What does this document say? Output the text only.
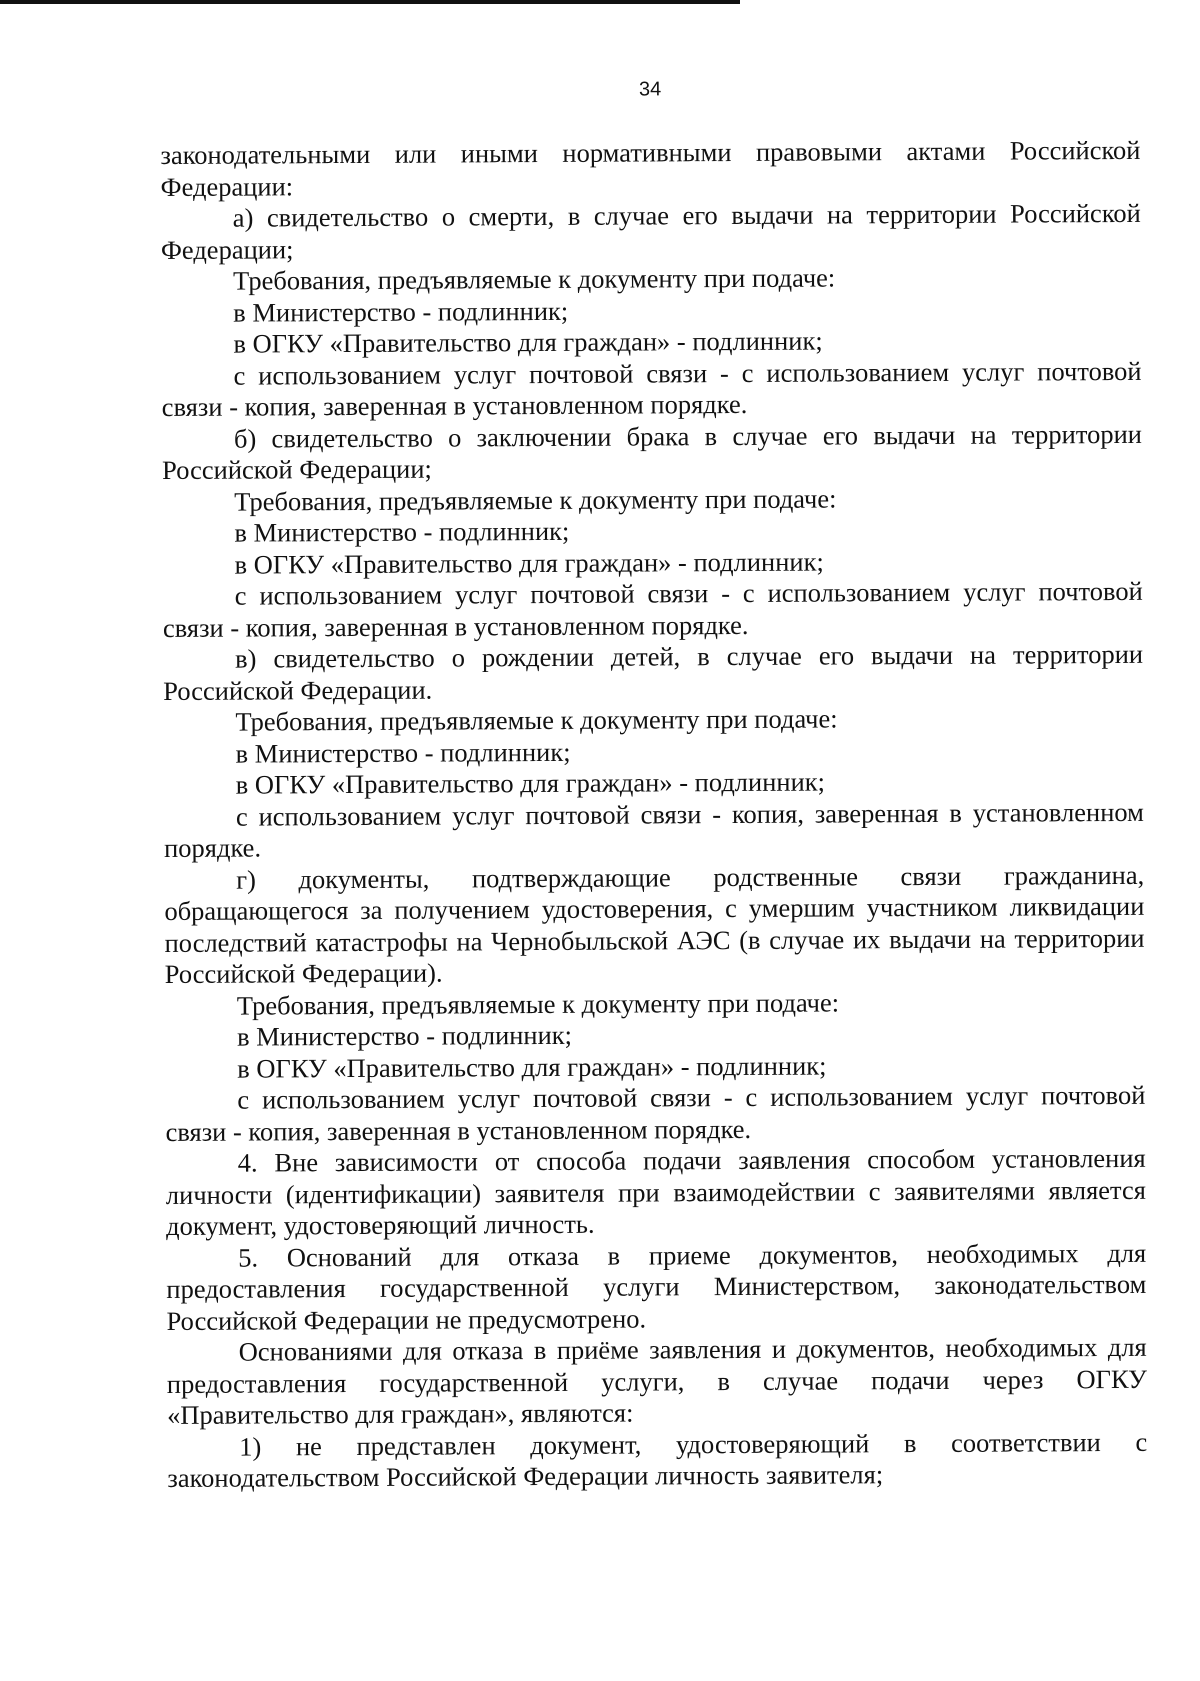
34

законодательными или иными нормативными правовыми актами Российской Федерации:

а) свидетельство о смерти, в случае его выдачи на территории Российской Федерации;

Требования, предъявляемые к документу при подаче:

в Министерство - подлинник;

в ОГКУ «Правительство для граждан» - подлинник;

с использованием услуг почтовой связи - с использованием услуг почтовой связи - копия, заверенная в установленном порядке.

б) свидетельство о заключении брака в случае его выдачи на территории Российской Федерации;

Требования, предъявляемые к документу при подаче:

в Министерство - подлинник;

в ОГКУ «Правительство для граждан» - подлинник;

с использованием услуг почтовой связи - с использованием услуг почтовой связи - копия, заверенная в установленном порядке.

в) свидетельство о рождении детей, в случае его выдачи на территории Российской Федерации.

Требования, предъявляемые к документу при подаче:

в Министерство - подлинник;

в ОГКУ «Правительство для граждан» - подлинник;

с использованием услуг почтовой связи - копия, заверенная в установленном порядке.

г) документы, подтверждающие родственные связи гражданина, обращающегося за получением удостоверения, с умершим участником ликвидации последствий катастрофы на Чернобыльской АЭС (в случае их выдачи на территории Российской Федерации).

Требования, предъявляемые к документу при подаче:

в Министерство - подлинник;

в ОГКУ «Правительство для граждан» - подлинник;

с использованием услуг почтовой связи - с использованием услуг почтовой связи - копия, заверенная в установленном порядке.

4. Вне зависимости от способа подачи заявления способом установления личности (идентификации) заявителя при взаимодействии с заявителями является документ, удостоверяющий личность.

5. Оснований для отказа в приеме документов, необходимых для предоставления государственной услуги Министерством, законодательством Российской Федерации не предусмотрено.

Основаниями для отказа в приёме заявления и документов, необходимых для предоставления государственной услуги, в случае подачи через ОГКУ «Правительство для граждан», являются:

1) не представлен документ, удостоверяющий в соответствии с законодательством Российской Федерации личность заявителя;
